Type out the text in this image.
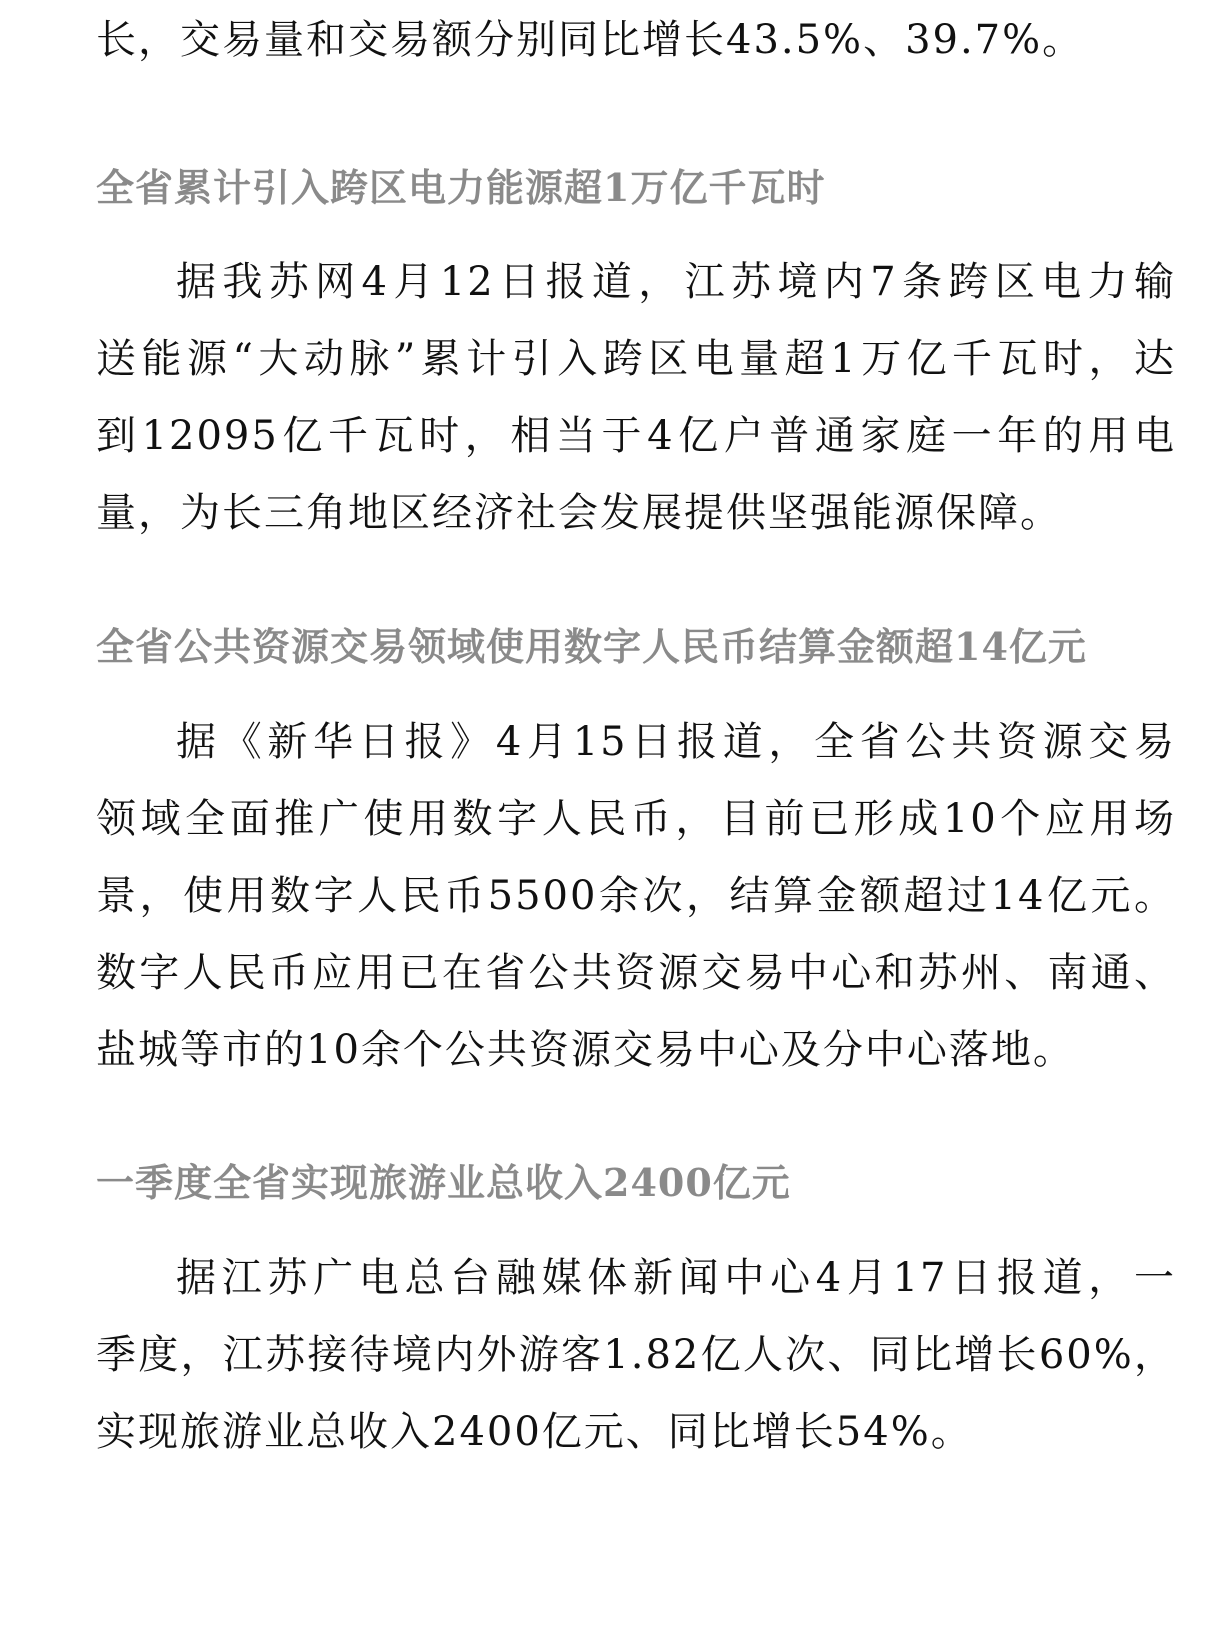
长，交易量和交易额分别同比增长43.5%、39.7%。

全省累计引入跨区电力能源超1万亿千瓦时

据我苏网4月12日报道，江苏境内7条跨区电力输

送能源“大动脉”累计引入跨区电量超1万亿千瓦时，达

到12095亿千瓦时，相当于4亿户普通家庭一年的用电

量，为长三角地区经济社会发展提供坚强能源保障。

全省公共资源交易领域使用数字人民币结算金额超14亿元

据《新华日报》4月15日报道，全省公共资源交易

领域全面推广使用数字人民币，目前已形成10个应用场

景，使用数字人民币5500余次，结算金额超过14亿元。

数字人民币应用已在省公共资源交易中心和苏州、南通、

盐城等市的10余个公共资源交易中心及分中心落地。

一季度全省实现旅游业总收入2400亿元

据江苏广电总台融媒体新闻中心4月17日报道，一

季度，江苏接待境内外游客1.82亿人次、同比增长60%，

实现旅游业总收入2400亿元、同比增长54%。
